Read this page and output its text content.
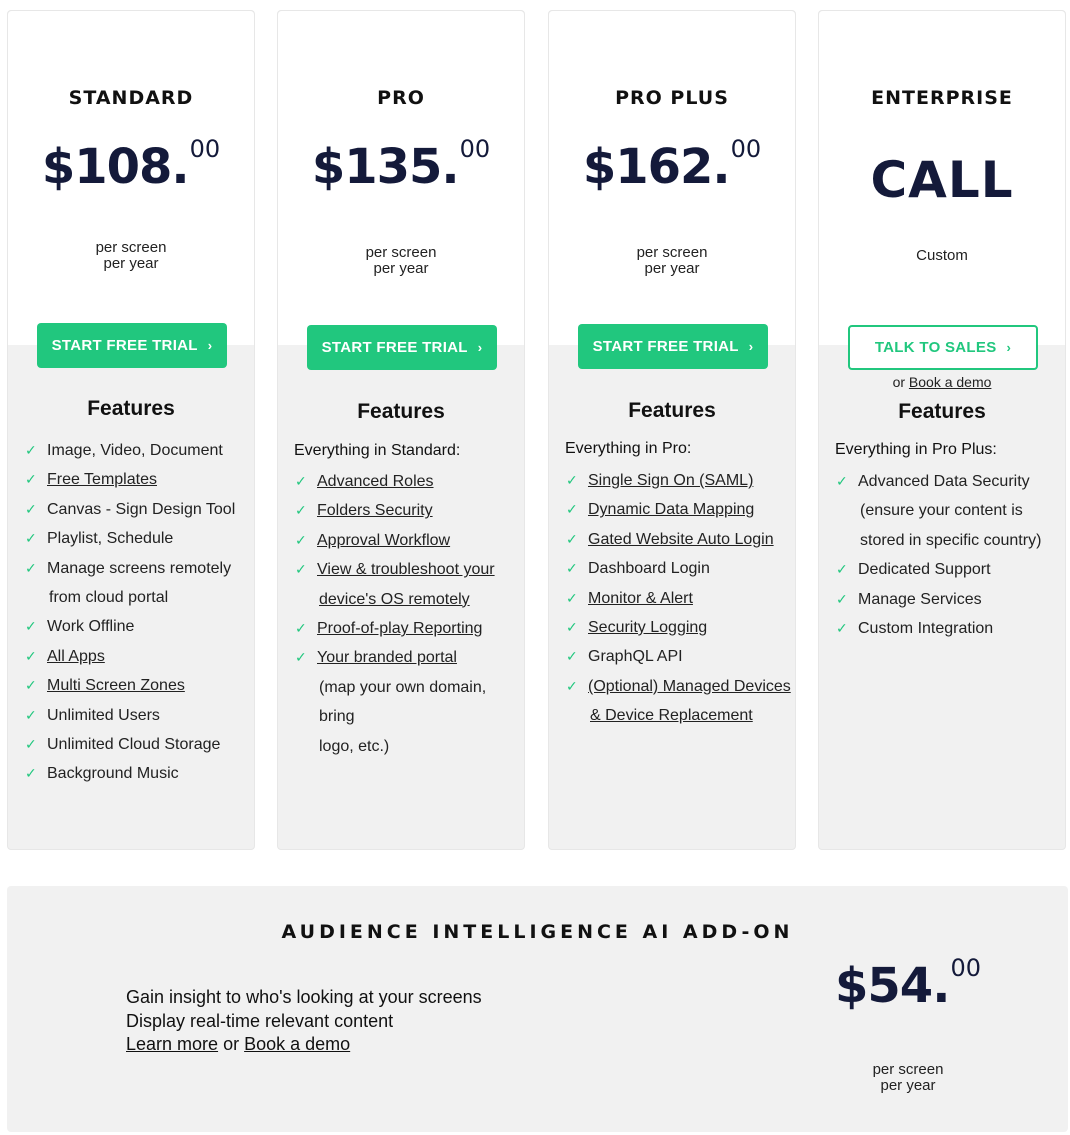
STANDARD
$108.00
per screen
per year
START FREE TRIAL ›
Features
✓ Image, Video, Document
✓ Free Templates
✓ Canvas - Sign Design Tool
✓ Playlist, Schedule
✓ Manage screens remotely
from cloud portal
✓ Work Offline
✓ All Apps
✓ Multi Screen Zones
✓ Unlimited Users
✓ Unlimited Cloud Storage
✓ Background Music
PRO
$135.00
per screen
per year
START FREE TRIAL ›
Features
Everything in Standard:
✓ Advanced Roles
✓ Folders Security
✓ Approval Workflow
✓ View & troubleshoot your
device's OS remotely
✓ Proof-of-play Reporting
✓ Your branded portal
(map your own domain, bring
logo, etc.)
PRO PLUS
$162.00
per screen
per year
START FREE TRIAL ›
Features
Everything in Pro:
✓ Single Sign On (SAML)
✓ Dynamic Data Mapping
✓ Gated Website Auto Login
✓ Dashboard Login
✓ Monitor & Alert
✓ Security Logging
✓ GraphQL API
✓ (Optional) Managed Devices
& Device Replacement
ENTERPRISE
CALL
Custom
TALK TO SALES ›
or Book a demo
Features
Everything in Pro Plus:
✓ Advanced Data Security
(ensure your content is
stored in specific country)
✓ Dedicated Support
✓ Manage Services
✓ Custom Integration
AUDIENCE INTELLIGENCE AI ADD-ON
Gain insight to who's looking at your screens
Display real-time relevant content
Learn more or Book a demo
$54.00
per screen
per year
